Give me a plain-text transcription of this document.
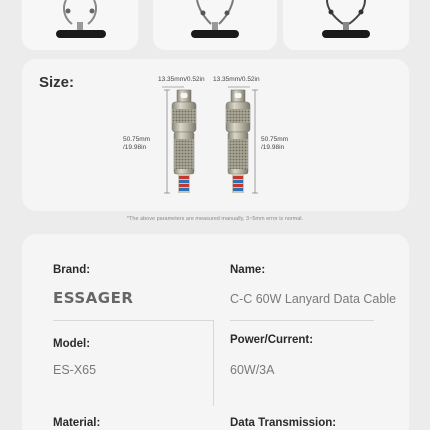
Size:	13.35mm/0.52in 13.35mm/0.52in
50.75mm
/19.98in
50.75mm
/19.98in
*The above parameters are measured manually, 3~5mm error is normal.
Brand:
ESSAGER
Name:
C-C 60W Lanyard Data Cable
Model:
ES-X65
Power/Current:
60W/3A
Material:	Data Transmission:
